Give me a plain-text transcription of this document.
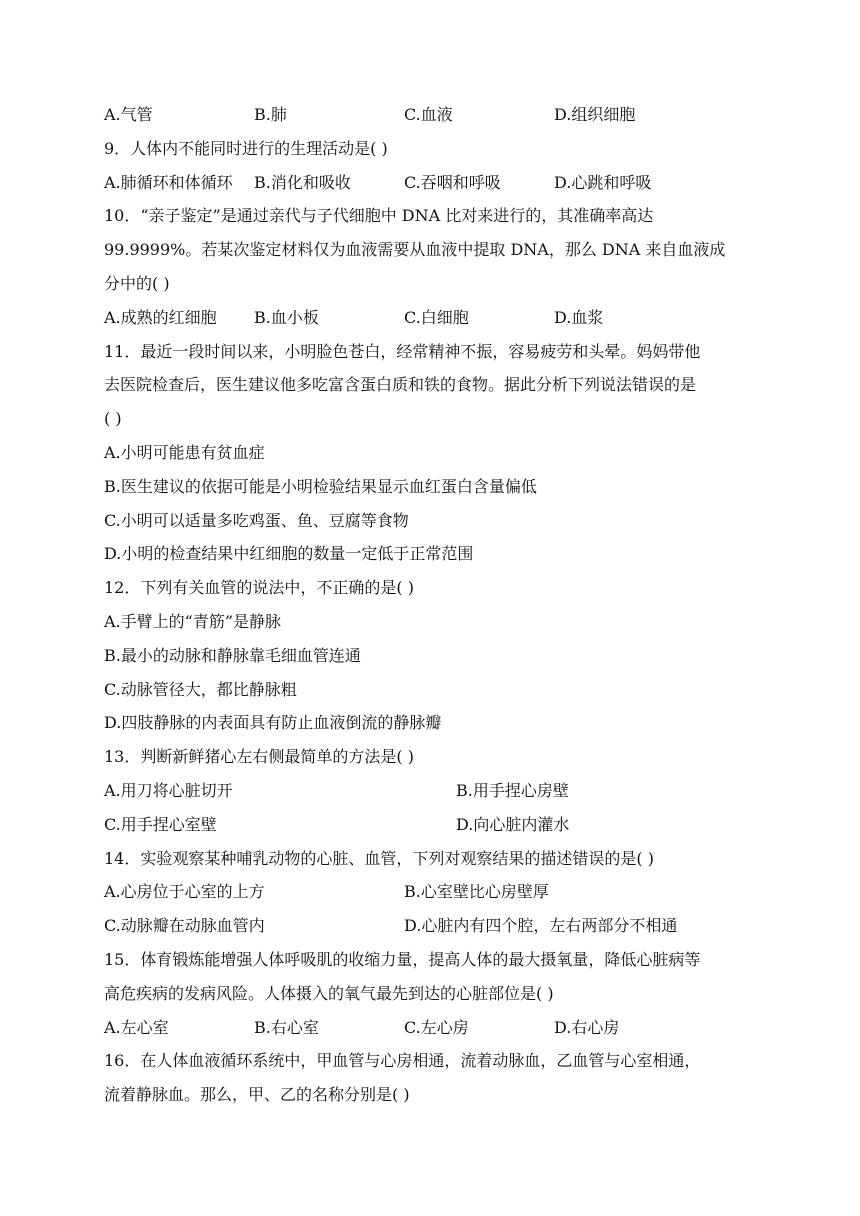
A.气管	B.肺	C.血液	D.组织细胞
9．人体内不能同时进行的生理活动是( )
A.肺循环和体循环 B.消化和吸收	C.吞咽和呼吸	D.心跳和呼吸
10．“亲子鉴定”是通过亲代与子代细胞中 DNA 比对来进行的，其准确率高达
99.9999%。若某次鉴定材料仅为血液需要从血液中提取 DNA，那么 DNA 来自血液成
分中的( )
A.成熟的红细胞 B.血小板	C.白细胞	D.血浆
11．最近一段时间以来，小明脸色苍白，经常精神不振，容易疲劳和头晕。妈妈带他
去医院检查后，医生建议他多吃富含蛋白质和铁的食物。据此分析下列说法错误的是
( )
A.小明可能患有贫血症
B.医生建议的依据可能是小明检验结果显示血红蛋白含量偏低
C.小明可以适量多吃鸡蛋、鱼、豆腐等食物
D.小明的检查结果中红细胞的数量一定低于正常范围
12．下列有关血管的说法中，不正确的是( )
A.手臂上的“青筋”是静脉
B.最小的动脉和静脉靠毛细血管连通
C.动脉管径大，都比静脉粗
D.四肢静脉的内表面具有防止血液倒流的静脉瓣
13．判断新鲜猪心左右侧最简单的方法是( )
A.用刀将心脏切开	B.用手捏心房壁
C.用手捏心室壁	D.向心脏内灌水
14．实验观察某种哺乳动物的心脏、血管，下列对观察结果的描述错误的是( )
A.心房位于心室的上方	B.心室壁比心房壁厚
C.动脉瓣在动脉血管内	D.心脏内有四个腔，左右两部分不相通
15．体育锻炼能增强人体呼吸肌的收缩力量，提高人体的最大摄氧量，降低心脏病等
高危疾病的发病风险。人体摄入的氧气最先到达的心脏部位是( )
A.左心室	B.右心室	C.左心房	D.右心房
16．在人体血液循环系统中，甲血管与心房相通，流着动脉血，乙血管与心室相通，
流着静脉血。那么，甲、乙的名称分别是( )
